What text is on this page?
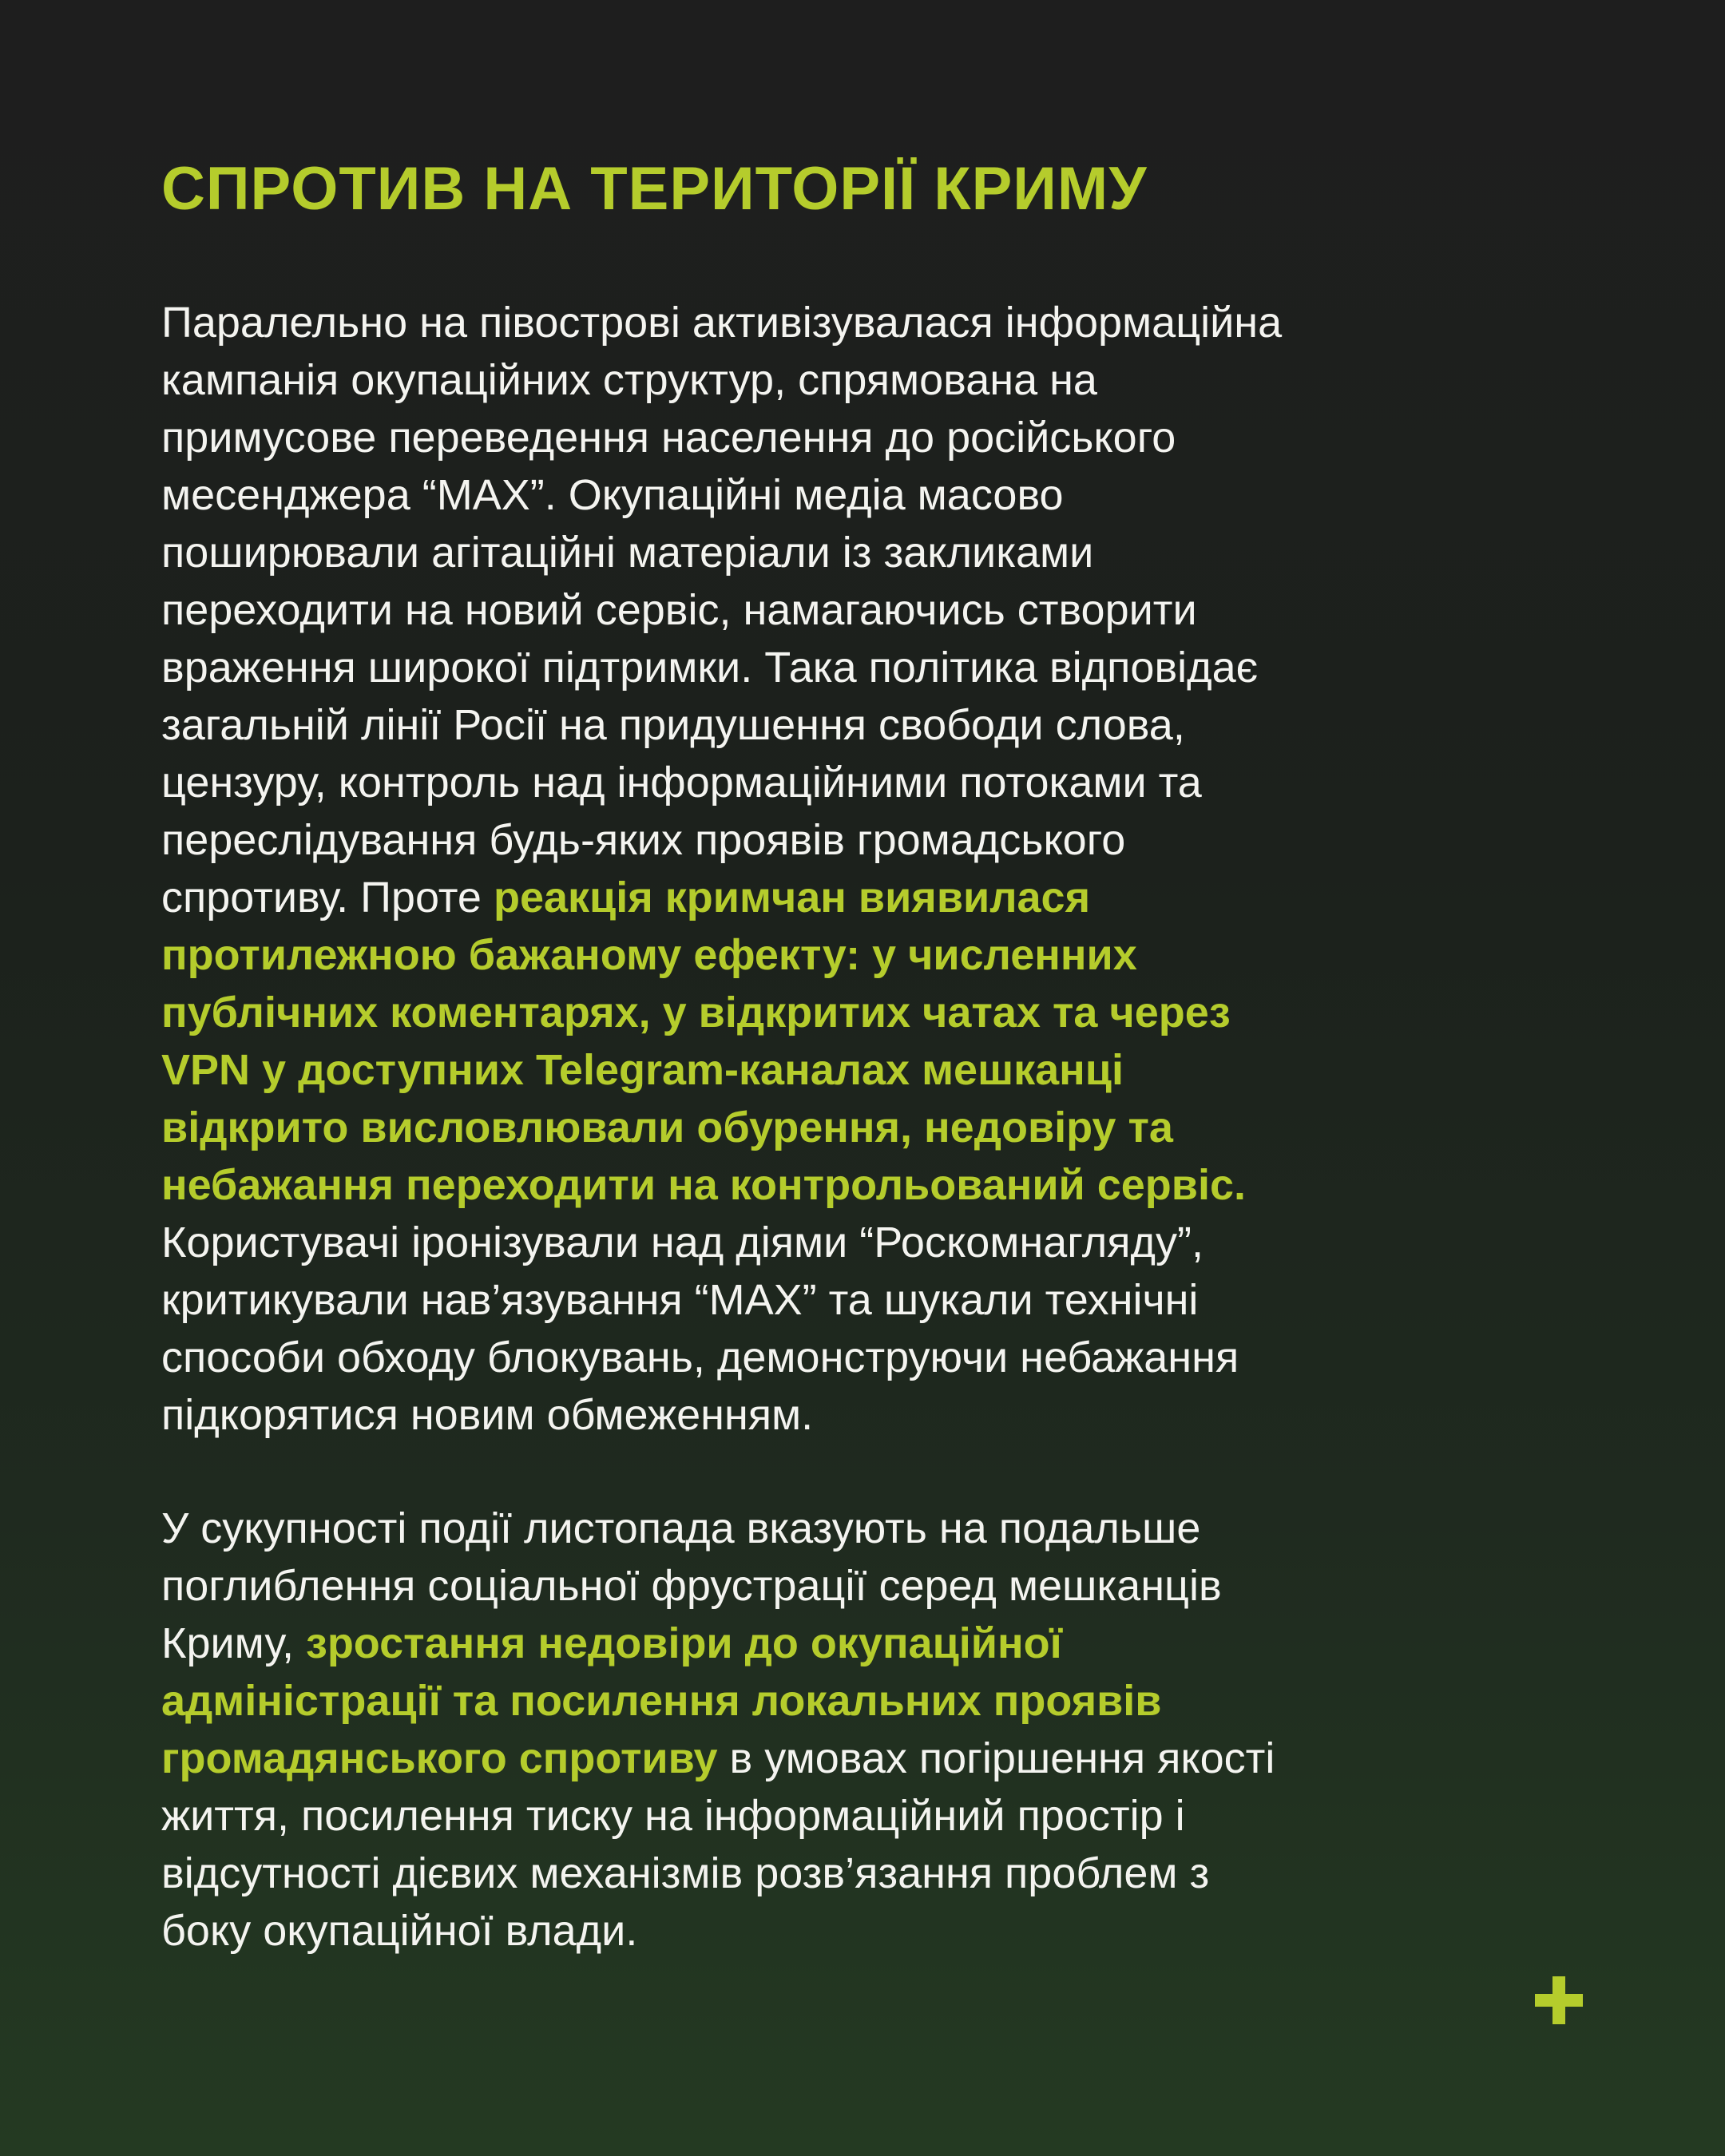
СПРОТИВ НА ТЕРИТОРІЇ КРИМУ
Паралельно на півострові активізувалася інформаційна
кампанія окупаційних структур, спрямована на
примусове переведення населення до російського
месенджера “MAX”. Окупаційні медіа масово
поширювали агітаційні матеріали із закликами
переходити на новий сервіс, намагаючись створити
враження широкої підтримки. Така політика відповідає
загальній лінії Росії на придушення свободи слова,
цензуру, контроль над інформаційними потоками та
переслідування будь-яких проявів громадського
спротиву. Проте реакція кримчан виявилася
протилежною бажаному ефекту: у численних
публічних коментарях, у відкритих чатах та через
VPN у доступних Telegram-каналах мешканці
відкрито висловлювали обурення, недовіру та
небажання переходити на контрольований сервіс.
Користувачі іронізували над діями “Роскомнагляду”,
критикували нав’язування “MAX” та шукали технічні
способи обходу блокувань, демонструючи небажання
підкорятися новим обмеженням.
У сукупності події листопада вказують на подальше
поглиблення соціальної фрустрації серед мешканців
Криму, зростання недовіри до окупаційної
адміністрації та посилення локальних проявів
громадянського спротиву в умовах погіршення якості
життя, посилення тиску на інформаційний простір і
відсутності дієвих механізмів розв’язання проблем з
боку окупаційної влади.
